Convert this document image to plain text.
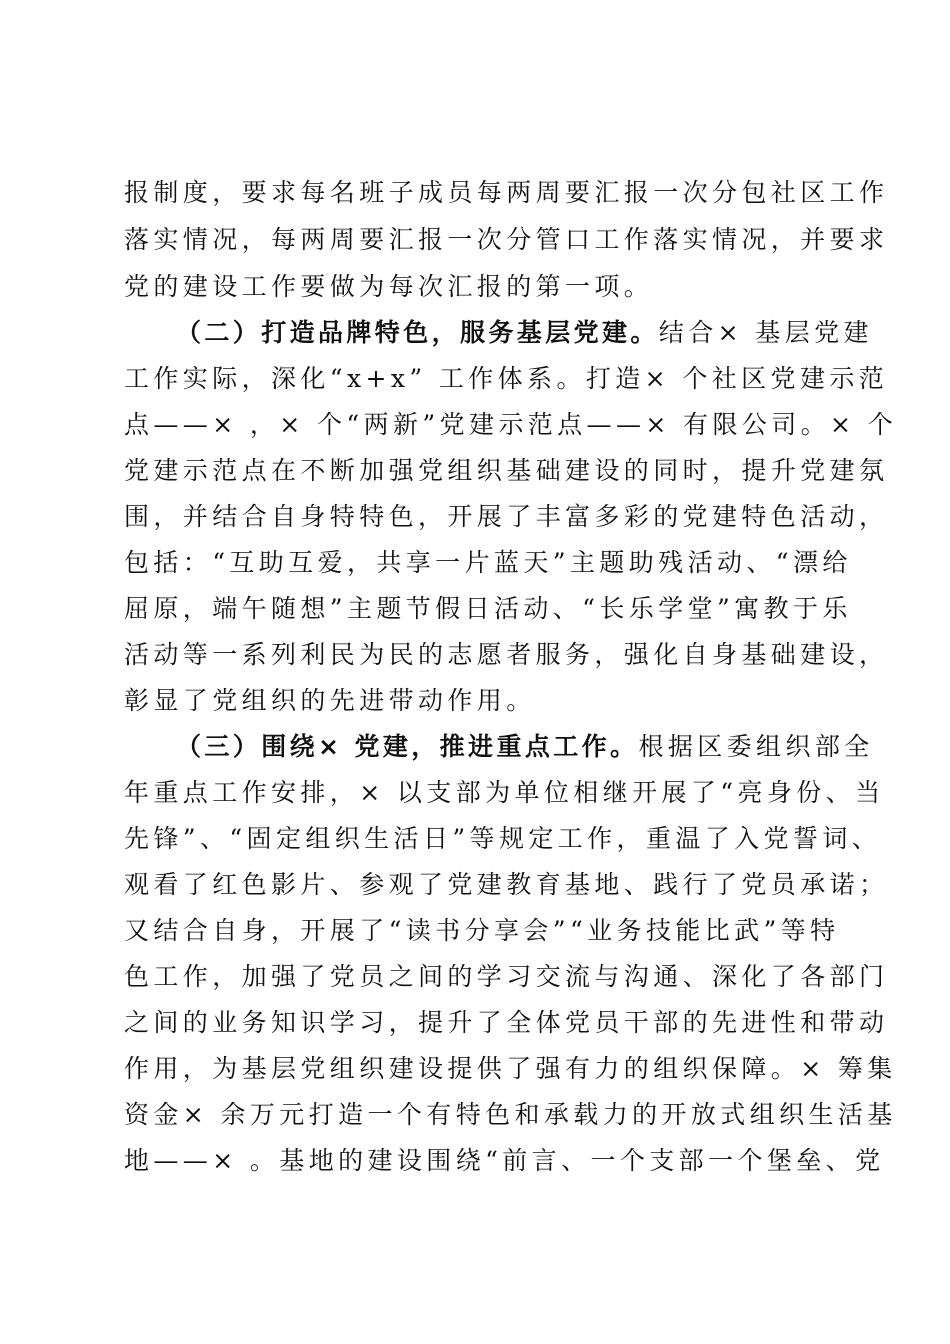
报制度，要求每名班子成员每两周要汇报一次分包社区工作
落实情况，每两周要汇报一次分管口工作落实情况，并要求
党的建设工作要做为每次汇报的第一项。
（二）打造品牌特色，服务基层党建。结合× 基层党建
工作实际，深化“x+x” 工作体系。打造× 个社区党建示范
点——× ，× 个“两新”党建示范点——× 有限公司。× 个
党建示范点在不断加强党组织基础建设的同时，提升党建氛
围，并结合自身特特色，开展了丰富多彩的党建特色活动，
包括：“互助互爱，共享一片蓝天”主题助残活动、“漂给
屈原，端午随想”主题节假日活动、“长乐学堂”寓教于乐
活动等一系列利民为民的志愿者服务，强化自身基础建设，
彰显了党组织的先进带动作用。
（三）围绕× 党建，推进重点工作。根据区委组织部全
年重点工作安排，× 以支部为单位相继开展了“亮身份、当
先锋”、“固定组织生活日”等规定工作，重温了入党誓词、
观看了红色影片、参观了党建教育基地、践行了党员承诺；
又结合自身，开展了“读书分享会”“业务技能比武”等特
色工作，加强了党员之间的学习交流与沟通、深化了各部门
之间的业务知识学习，提升了全体党员干部的先进性和带动
作用，为基层党组织建设提供了强有力的组织保障。× 筹集
资金× 余万元打造一个有特色和承载力的开放式组织生活基
地——× 。基地的建设围绕“前言、一个支部一个堡垒、党
